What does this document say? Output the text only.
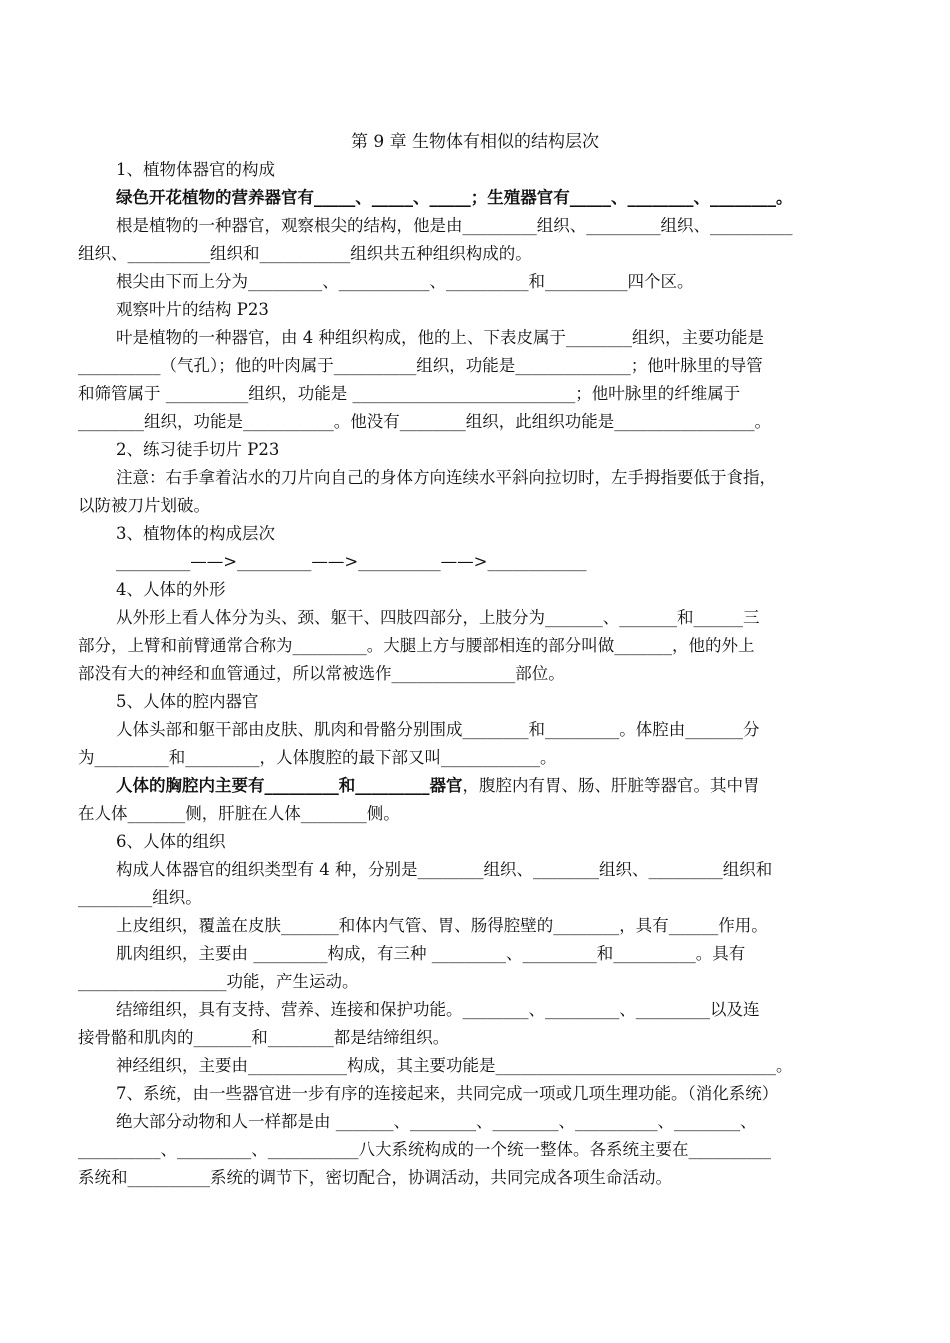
第 9 章 生物体有相似的结构层次
1、植物体器官的构成
绿色开花植物的营养器官有_____、_____、_____；生殖器官有_____、________、________。
根是植物的一种器官，观察根尖的结构，他是由_________组织、_________组织、__________
组织、__________组织和___________组织共五种组织构成的。
根尖由下而上分为_________、___________、__________和__________四个区。
观察叶片的结构 P23
叶是植物的一种器官，由 4 种组织构成，他的上、下表皮属于________组织，主要功能是
__________（气孔）；他的叶肉属于__________组织，功能是______________；他叶脉里的导管
和筛管属于 __________组织，功能是 ___________________________；他叶脉里的纤维属于
________组织，功能是___________。他没有________组织，此组织功能是_________________。
2、练习徒手切片 P23
注意：右手拿着沾水的刀片向自己的身体方向连续水平斜向拉切时，左手拇指要低于食指，
以防被刀片划破。
3、植物体的构成层次
_________——>_________——>__________——>____________
4、人体的外形
从外形上看人体分为头、颈、躯干、四肢四部分，上肢分为_______、_______和______三
部分，上臂和前臂通常合称为_________。大腿上方与腰部相连的部分叫做_______，他的外上
部没有大的神经和血管通过，所以常被选作_______________部位。
5、人体的腔内器官
人体头部和躯干部由皮肤、肌肉和骨骼分别围成________和_________。体腔由_______分
为_________和_________，人体腹腔的最下部又叫____________。
人体的胸腔内主要有_________和_________器官，腹腔内有胃、肠、肝脏等器官。其中胃
在人体_______侧，肝脏在人体________侧。
6、人体的组织
构成人体器官的组织类型有 4 种，分别是________组织、________组织、_________组织和
_________组织。
上皮组织，覆盖在皮肤_______和体内气管、胃、肠得腔壁的________，具有______作用。
肌肉组织，主要由 _________构成，有三种 _________、_________和__________。具有
__________________功能，产生运动。
结缔组织，具有支持、营养、连接和保护功能。________、_________、_________以及连
接骨骼和肌肉的_______和________都是结缔组织。
神经组织，主要由____________构成，其主要功能是__________________________________。
7、系统，由一些器官进一步有序的连接起来，共同完成一项或几项生理功能。（消化系统）
绝大部分动物和人一样都是由 _______、________、________、__________、________、
__________、_________、___________八大系统构成的一个统一整体。各系统主要在__________
系统和__________系统的调节下，密切配合，协调活动，共同完成各项生命活动。
